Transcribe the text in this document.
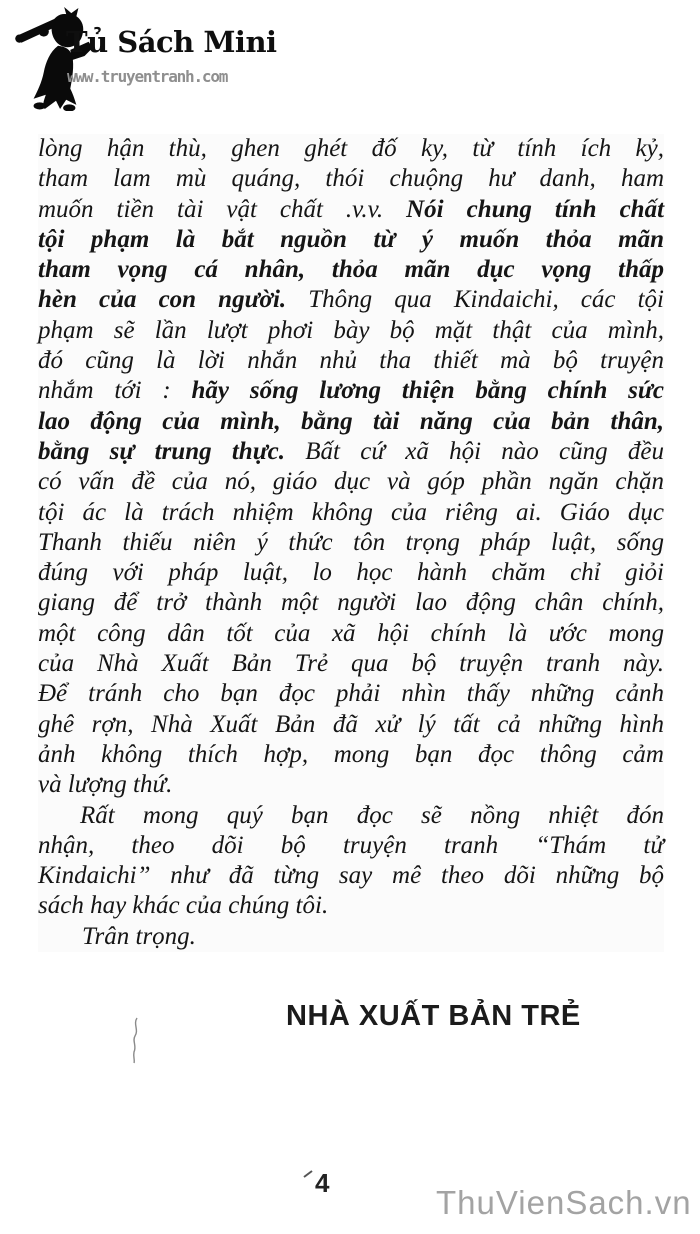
Tủ Sách Mini
www.truyentranh.com
lòng hận thù, ghen ghét đố ky, từ tính ích kỷ,
tham lam mù quáng, thói chuộng hư danh, ham
muốn tiền tài vật chất .v.v. Nói chung tính chất
tội phạm là bắt nguồn từ ý muốn thỏa mãn
tham vọng cá nhân, thỏa mãn dục vọng thấp
hèn của con người. Thông qua Kindaichi, các tội
phạm sẽ lần lượt phơi bày bộ mặt thật của mình,
đó cũng là lời nhắn nhủ tha thiết mà bộ truyện
nhắm tới : hãy sống lương thiện bằng chính sức
lao động của mình, bằng tài năng của bản thân,
bằng sự trung thực. Bất cứ xã hội nào cũng đều
có vấn đề của nó, giáo dục và góp phần ngăn chặn
tội ác là trách nhiệm không của riêng ai. Giáo dục
Thanh thiếu niên ý thức tôn trọng pháp luật, sống
đúng với pháp luật, lo học hành chăm chỉ giỏi
giang để trở thành một người lao động chân chính,
một công dân tốt của xã hội chính là ước mong
của Nhà Xuất Bản Trẻ qua bộ truyện tranh này.
Để tránh cho bạn đọc phải nhìn thấy những cảnh
ghê rợn, Nhà Xuất Bản đã xử lý tất cả những hình
ảnh không thích hợp, mong bạn đọc thông cảm
và lượng thứ.
Rất mong quý bạn đọc sẽ nồng nhiệt đón
nhận, theo dõi bộ truyện tranh “Thám tử
Kindaichi” như đã từng say mê theo dõi những bộ
sách hay khác của chúng tôi.
Trân trọng.
NHÀ XUẤT BẢN TRẺ
4
ThuVienSach.vn
